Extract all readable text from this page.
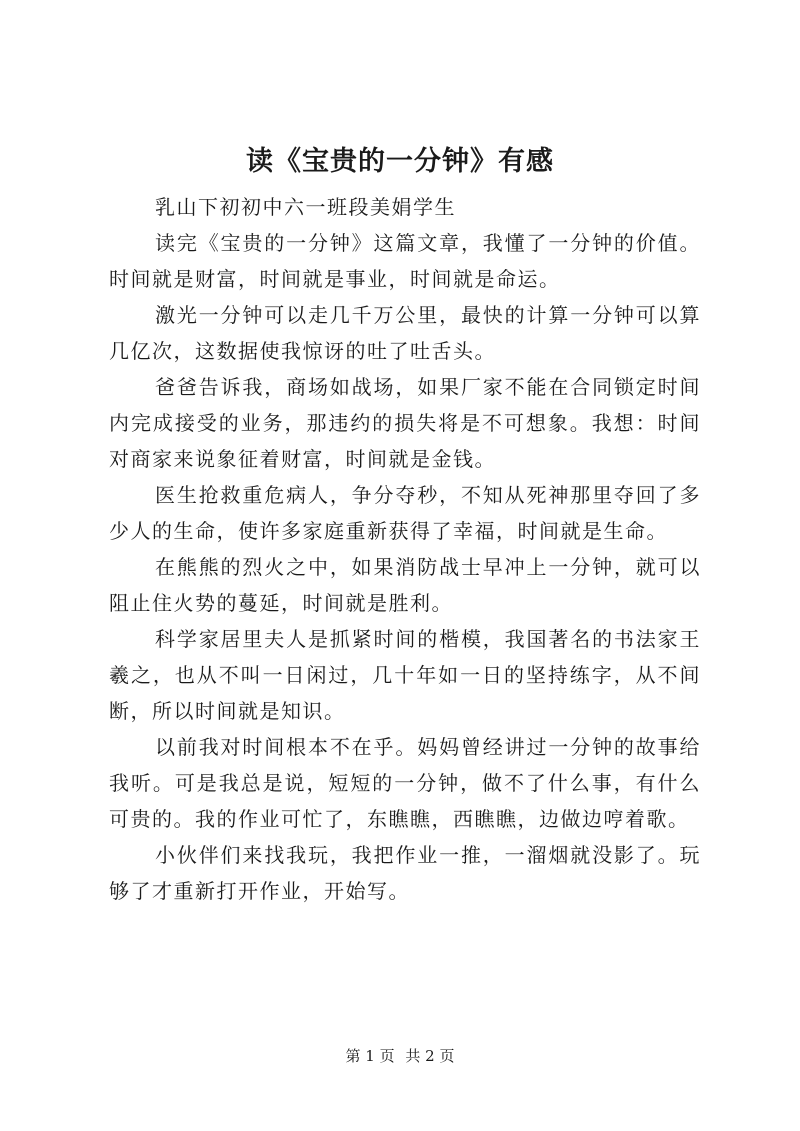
读《宝贵的一分钟》有感

乳山下初初中六一班段美娟学生

读完《宝贵的一分钟》这篇文章，我懂了一分钟的价值。时间就是财富，时间就是事业，时间就是命运。

激光一分钟可以走几千万公里，最快的计算一分钟可以算几亿次，这数据使我惊讶的吐了吐舌头。

爸爸告诉我，商场如战场，如果厂家不能在合同锁定时间内完成接受的业务，那违约的损失将是不可想象。我想：时间对商家来说象征着财富，时间就是金钱。

医生抢救重危病人，争分夺秒，不知从死神那里夺回了多少人的生命，使许多家庭重新获得了幸福，时间就是生命。

在熊熊的烈火之中，如果消防战士早冲上一分钟，就可以阻止住火势的蔓延，时间就是胜利。

科学家居里夫人是抓紧时间的楷模，我国著名的书法家王羲之，也从不叫一日闲过，几十年如一日的坚持练字，从不间断，所以时间就是知识。

以前我对时间根本不在乎。妈妈曾经讲过一分钟的故事给我听。可是我总是说，短短的一分钟，做不了什么事，有什么可贵的。我的作业可忙了，东瞧瞧，西瞧瞧，边做边哼着歌。

小伙伴们来找我玩，我把作业一推，一溜烟就没影了。玩够了才重新打开作业，开始写。

第 1 页 共 2 页
